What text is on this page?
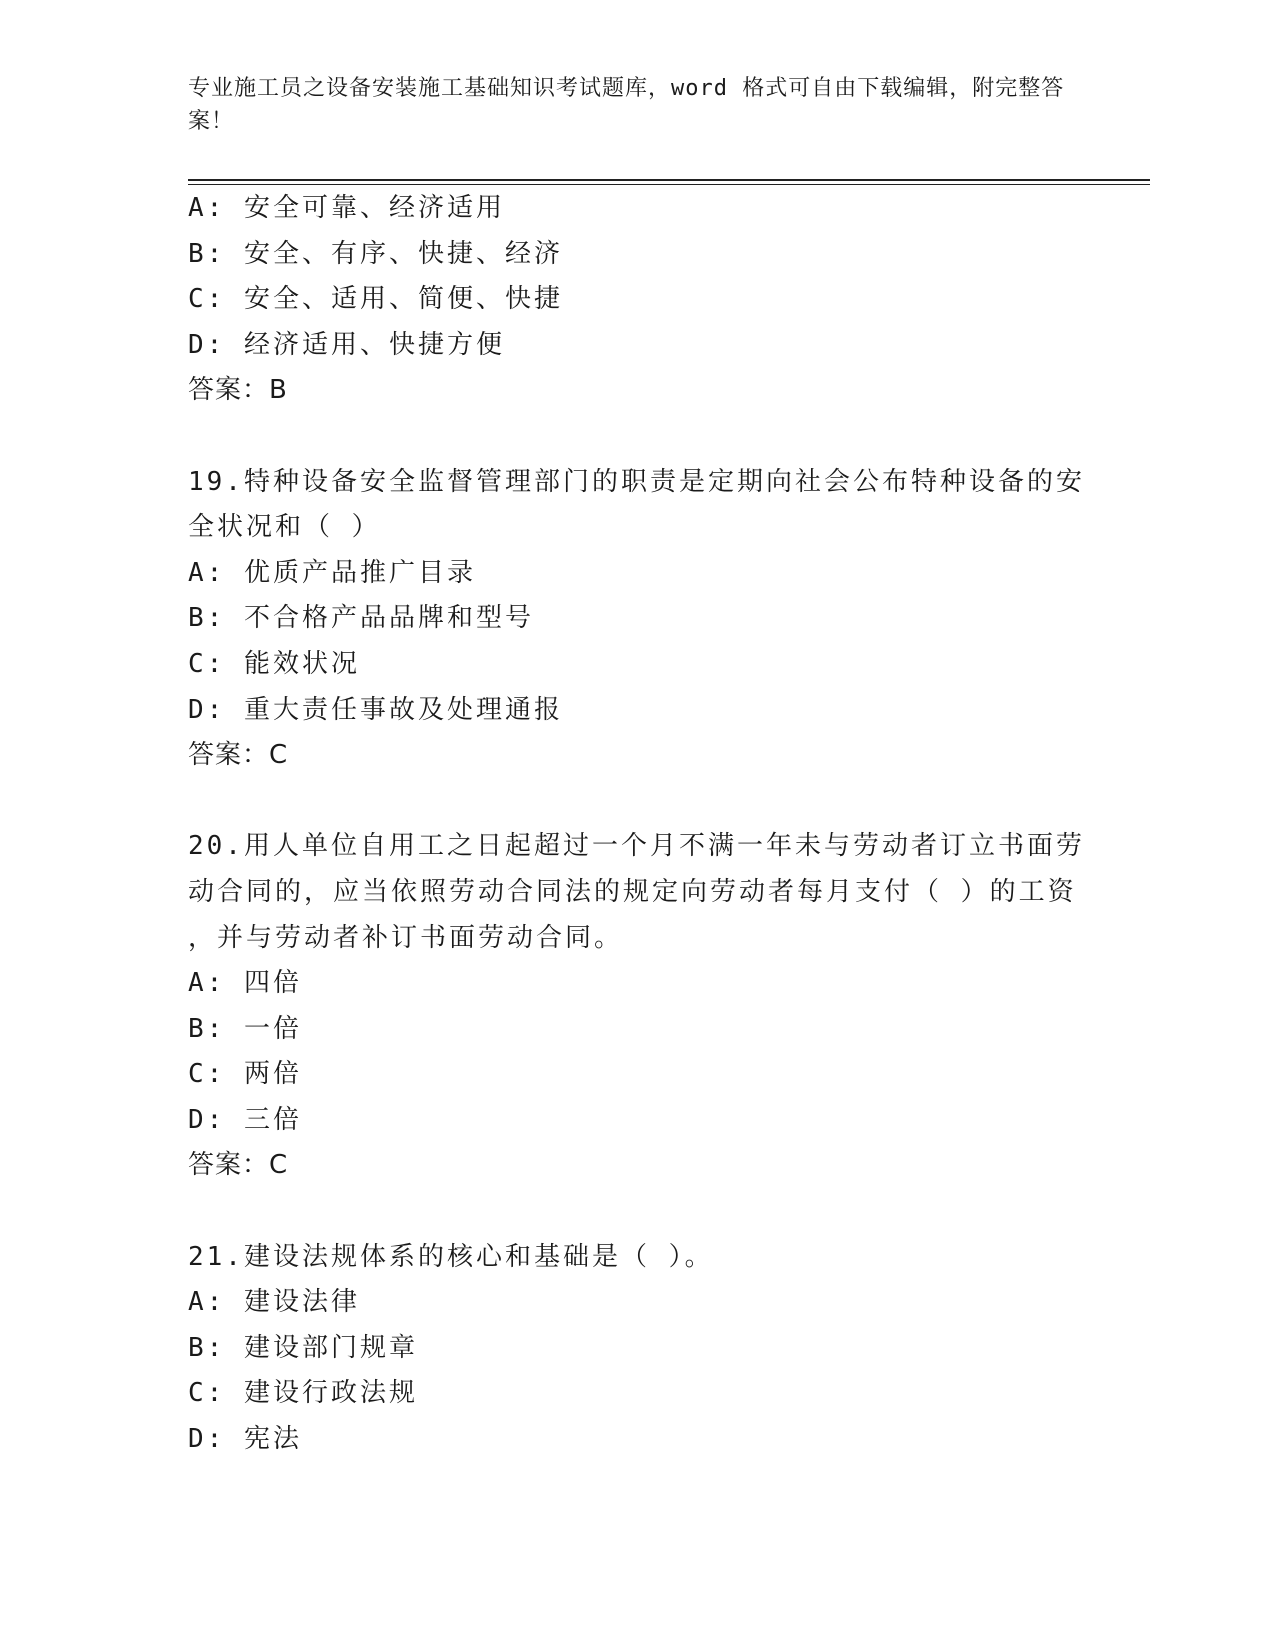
专业施工员之设备安装施工基础知识考试题库，word 格式可自由下载编辑，附完整答案！
A: 安全可靠、经济适用
B: 安全、有序、快捷、经济
C: 安全、适用、简便、快捷
D: 经济适用、快捷方便
答案：B
19.特种设备安全监督管理部门的职责是定期向社会公布特种设备的安
全状况和（ ）
A: 优质产品推广目录
B: 不合格产品品牌和型号
C: 能效状况
D: 重大责任事故及处理通报
答案：C
20.用人单位自用工之日起超过一个月不满一年未与劳动者订立书面劳
动合同的，应当依照劳动合同法的规定向劳动者每月支付（ ）的工资
，并与劳动者补订书面劳动合同。
A: 四倍
B: 一倍
C: 两倍
D: 三倍
答案：C
21.建设法规体系的核心和基础是（ ）。
A: 建设法律
B: 建设部门规章
C: 建设行政法规
D: 宪法
